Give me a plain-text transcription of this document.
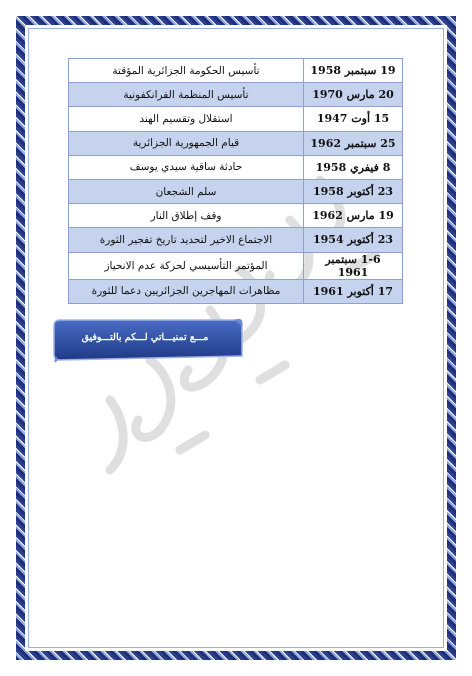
19 سبتمبر 1958	تأسيس الحكومة الجزائرية المؤقتة
20 مارس 1970	تأسيس المنظمة الفرانكفونية
15 أوت 1947	استقلال وتقسيم الهند
25 سبتمبر 1962	قيام الجمهورية الجزائرية
8 فيفري 1958	حادثة ساقية سيدي يوسف
23 أكتوبر 1958	سلم الشجعان
19 مارس 1962	وقف إطلاق النار
23 أكتوبر 1954	الاجتماع الاخير لتحديد تاريخ تفجير الثورة
1-6 سبتمبر 1961	المؤتمر التأسيسي لحركة عدم الانحياز
17 أكتوبر 1961	مظاهرات المهاجرين الجزائريين دعما للثورة
مـــع تمنيـــاتي لـــكم بالتـــوفيق
